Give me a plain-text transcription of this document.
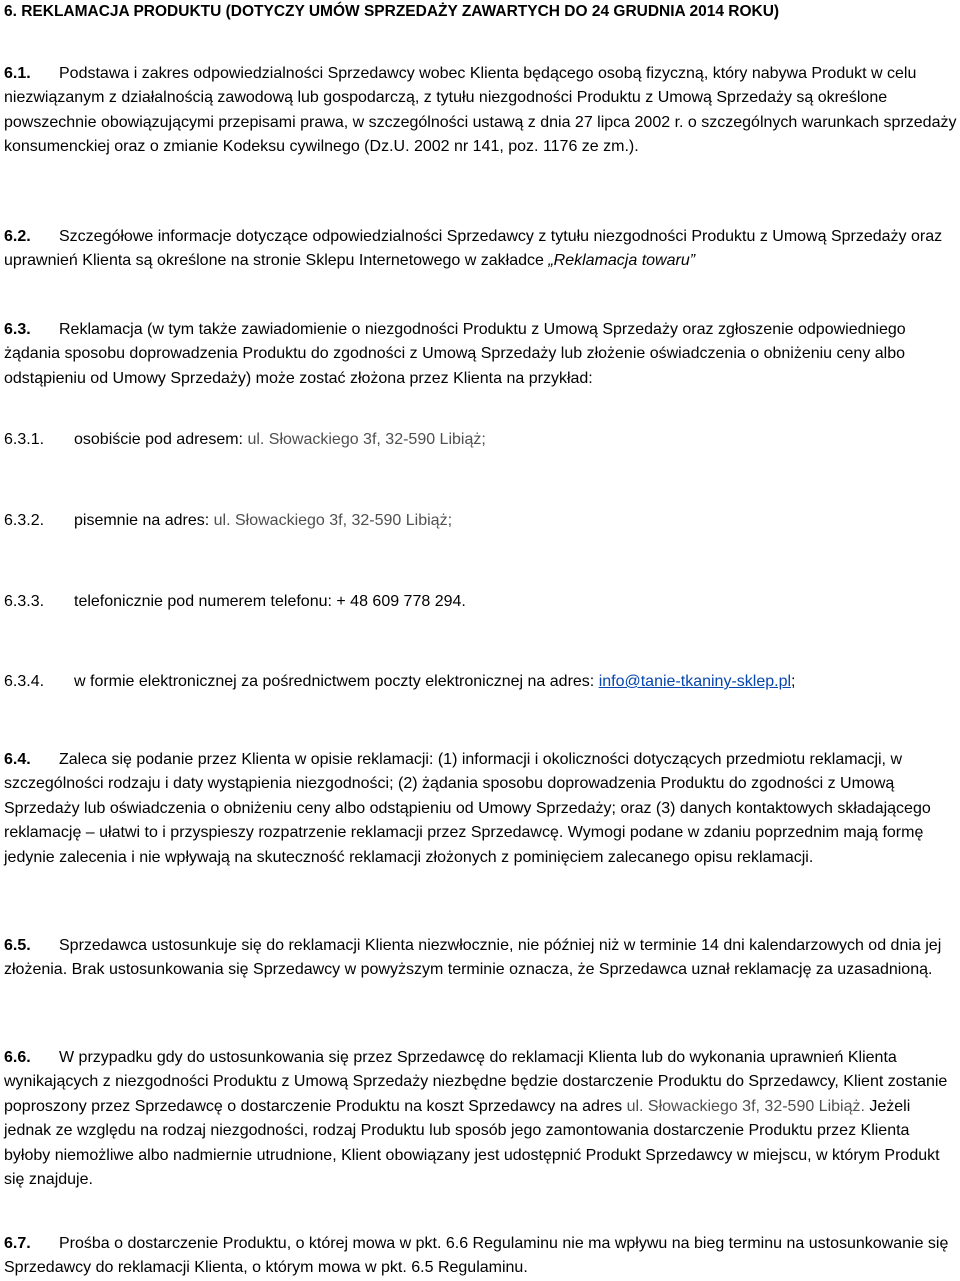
6. REKLAMACJA PRODUKTU (DOTYCZY UMÓW SPRZEDAŻY ZAWARTYCH DO 24 GRUDNIA 2014 ROKU)
6.1. Podstawa i zakres odpowiedzialności Sprzedawcy wobec Klienta będącego osobą fizyczną, który nabywa Produkt w celu niezwiązanym z działalnością zawodową lub gospodarczą, z tytułu niezgodności Produktu z Umową Sprzedaży są określone powszechnie obowiązującymi przepisami prawa, w szczególności ustawą z dnia 27 lipca 2002 r. o szczególnych warunkach sprzedaży konsumenckiej oraz o zmianie Kodeksu cywilnego (Dz.U. 2002 nr 141, poz. 1176 ze zm.).
6.2. Szczegółowe informacje dotyczące odpowiedzialności Sprzedawcy z tytułu niezgodności Produktu z Umową Sprzedaży oraz uprawnień Klienta są określone na stronie Sklepu Internetowego w zakładce „Reklamacja towaru”
6.3. Reklamacja (w tym także zawiadomienie o niezgodności Produktu z Umową Sprzedaży oraz zgłoszenie odpowiedniego żądania sposobu doprowadzenia Produktu do zgodności z Umową Sprzedaży lub złożenie oświadczenia o obniżeniu ceny albo odstąpieniu od Umowy Sprzedaży) może zostać złożona przez Klienta na przykład:
6.3.1. osobiście pod adresem: ul. Słowackiego 3f, 32-590 Libiąż;
6.3.2. pisemnie na adres: ul. Słowackiego 3f, 32-590 Libiąż;
6.3.3. telefonicznie pod numerem telefonu: + 48 609 778 294.
6.3.4. w formie elektronicznej za pośrednictwem poczty elektronicznej na adres: info@tanie-tkaniny-sklep.pl;
6.4. Zaleca się podanie przez Klienta w opisie reklamacji: (1) informacji i okoliczności dotyczących przedmiotu reklamacji, w szczególności rodzaju i daty wystąpienia niezgodności; (2) żądania sposobu doprowadzenia Produktu do zgodności z Umową Sprzedaży lub oświadczenia o obniżeniu ceny albo odstąpieniu od Umowy Sprzedaży; oraz (3) danych kontaktowych składającego reklamację – ułatwi to i przyspieszy rozpatrzenie reklamacji przez Sprzedawcę. Wymogi podane w zdaniu poprzednim mają formę jedynie zalecenia i nie wpływają na skuteczność reklamacji złożonych z pominięciem zalecanego opisu reklamacji.
6.5. Sprzedawca ustosunkuje się do reklamacji Klienta niezwłocznie, nie później niż w terminie 14 dni kalendarzowych od dnia jej złożenia. Brak ustosunkowania się Sprzedawcy w powyższym terminie oznacza, że Sprzedawca uznał reklamację za uzasadnioną.
6.6. W przypadku gdy do ustosunkowania się przez Sprzedawcę do reklamacji Klienta lub do wykonania uprawnień Klienta wynikających z niezgodności Produktu z Umową Sprzedaży niezbędne będzie dostarczenie Produktu do Sprzedawcy, Klient zostanie poproszony przez Sprzedawcę o dostarczenie Produktu na koszt Sprzedawcy na adres ul. Słowackiego 3f, 32-590 Libiąż. Jeżeli jednak ze względu na rodzaj niezgodności, rodzaj Produktu lub sposób jego zamontowania dostarczenie Produktu przez Klienta byłoby niemożliwe albo nadmiernie utrudnione, Klient obowiązany jest udostępnić Produkt Sprzedawcy w miejscu, w którym Produkt się znajduje.
6.7. Prośba o dostarczenie Produktu, o której mowa w pkt. 6.6 Regulaminu nie ma wpływu na bieg terminu na ustosunkowanie się Sprzedawcy do reklamacji Klienta, o którym mowa w pkt. 6.5 Regulaminu.
